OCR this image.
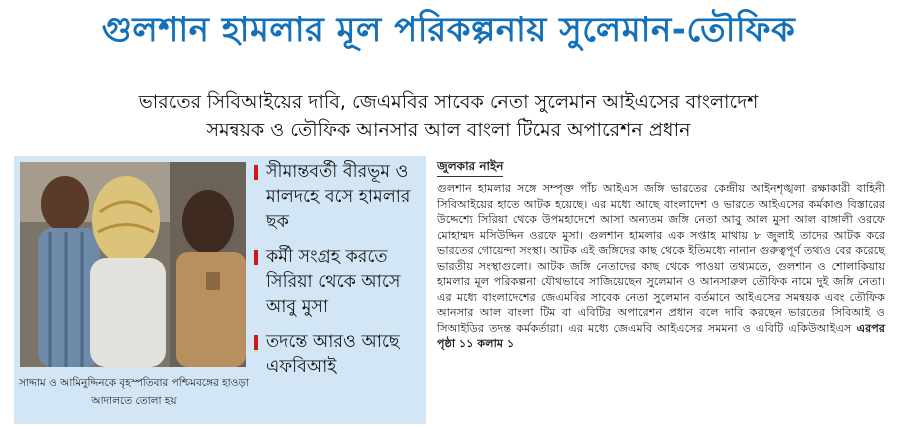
গুলশান হামলার মূল পরিকল্পনায় সুলেমান-তৌফিক
ভারতের সিবিআইয়ের দাবি, জেএমবির সাবেক নেতা সুলেমান আইএসের বাংলাদেশ
সমন্বয়ক ও তৌফিক আনসার আল বাংলা টিমের অপারেশন প্রধান
সাদ্দাম ও আমিনুদ্দিনকে বৃহস্পতিবার পশ্চিমবঙ্গের হাওড়া আদালতে তোলা হয়
সীমান্তবর্তী বীরভূম ও মালদহে বসে হামলার ছক
কর্মী সংগ্রহ করতে সিরিয়া থেকে আসে আবু মুসা
তদন্তে আরও আছে এফবিআই
জুলকার নাইন
গুলশান হামলার সঙ্গে সম্পৃক্ত পাঁচ আইএস জঙ্গি ভারতের কেন্দ্রীয় আইনশৃঙ্খলা রক্ষাকারী বাহিনী সিবিআইয়ের হাতে আটক হয়েছে। এর মধ্যে আছে বাংলাদেশ ও ভারতে আইএসের কর্মকাণ্ড বিস্তারের উদ্দেশ্যে সিরিয়া থেকে উপমহাদেশে আসা অন্যতম জঙ্গি নেতা আবু আল মুসা আল বাঙ্গালী ওরফে মোহাম্মদ মসিউদ্দিন ওরফে মুসা। গুলশান হামলার এক সপ্তাহ মাথায় ৮ জুলাই তাদের আটক করে ভারতের গোয়েন্দা সংস্থা। আটক এই জঙ্গিদের কাছ থেকে ইতিমধ্যে নানান গুরুত্বপূর্ণ তথ্যও বের করেছে ভারতীয় সংস্থাগুলো। আটক জঙ্গি নেতাদের কাছ থেকে পাওয়া তথ্যমতে, গুলশান ও শোলাকিয়ায় হামলার মূল পরিকল্পনা যৌথভাবে সাজিয়েছেন সুলেমান ও আনসারুল তৌফিক নামে দুই জঙ্গি নেতা। এর মধ্যে বাংলাদেশের জেএমবির সাবেক নেতা সুলেমান বর্তমানে আইএসের সমন্বয়ক এবং তৌফিক আনসার আল বাংলা টিম বা এবিটির অপারেশন প্রধান বলে দাবি করছেন ভারতের সিবিআই ও সিআইডির তদন্ত কর্মকর্তারা। এর মধ্যে জেএমবি আইএসের সমমনা ও এবিটি একিউআইএস এরপর পৃষ্ঠা ১১ কলাম ১
